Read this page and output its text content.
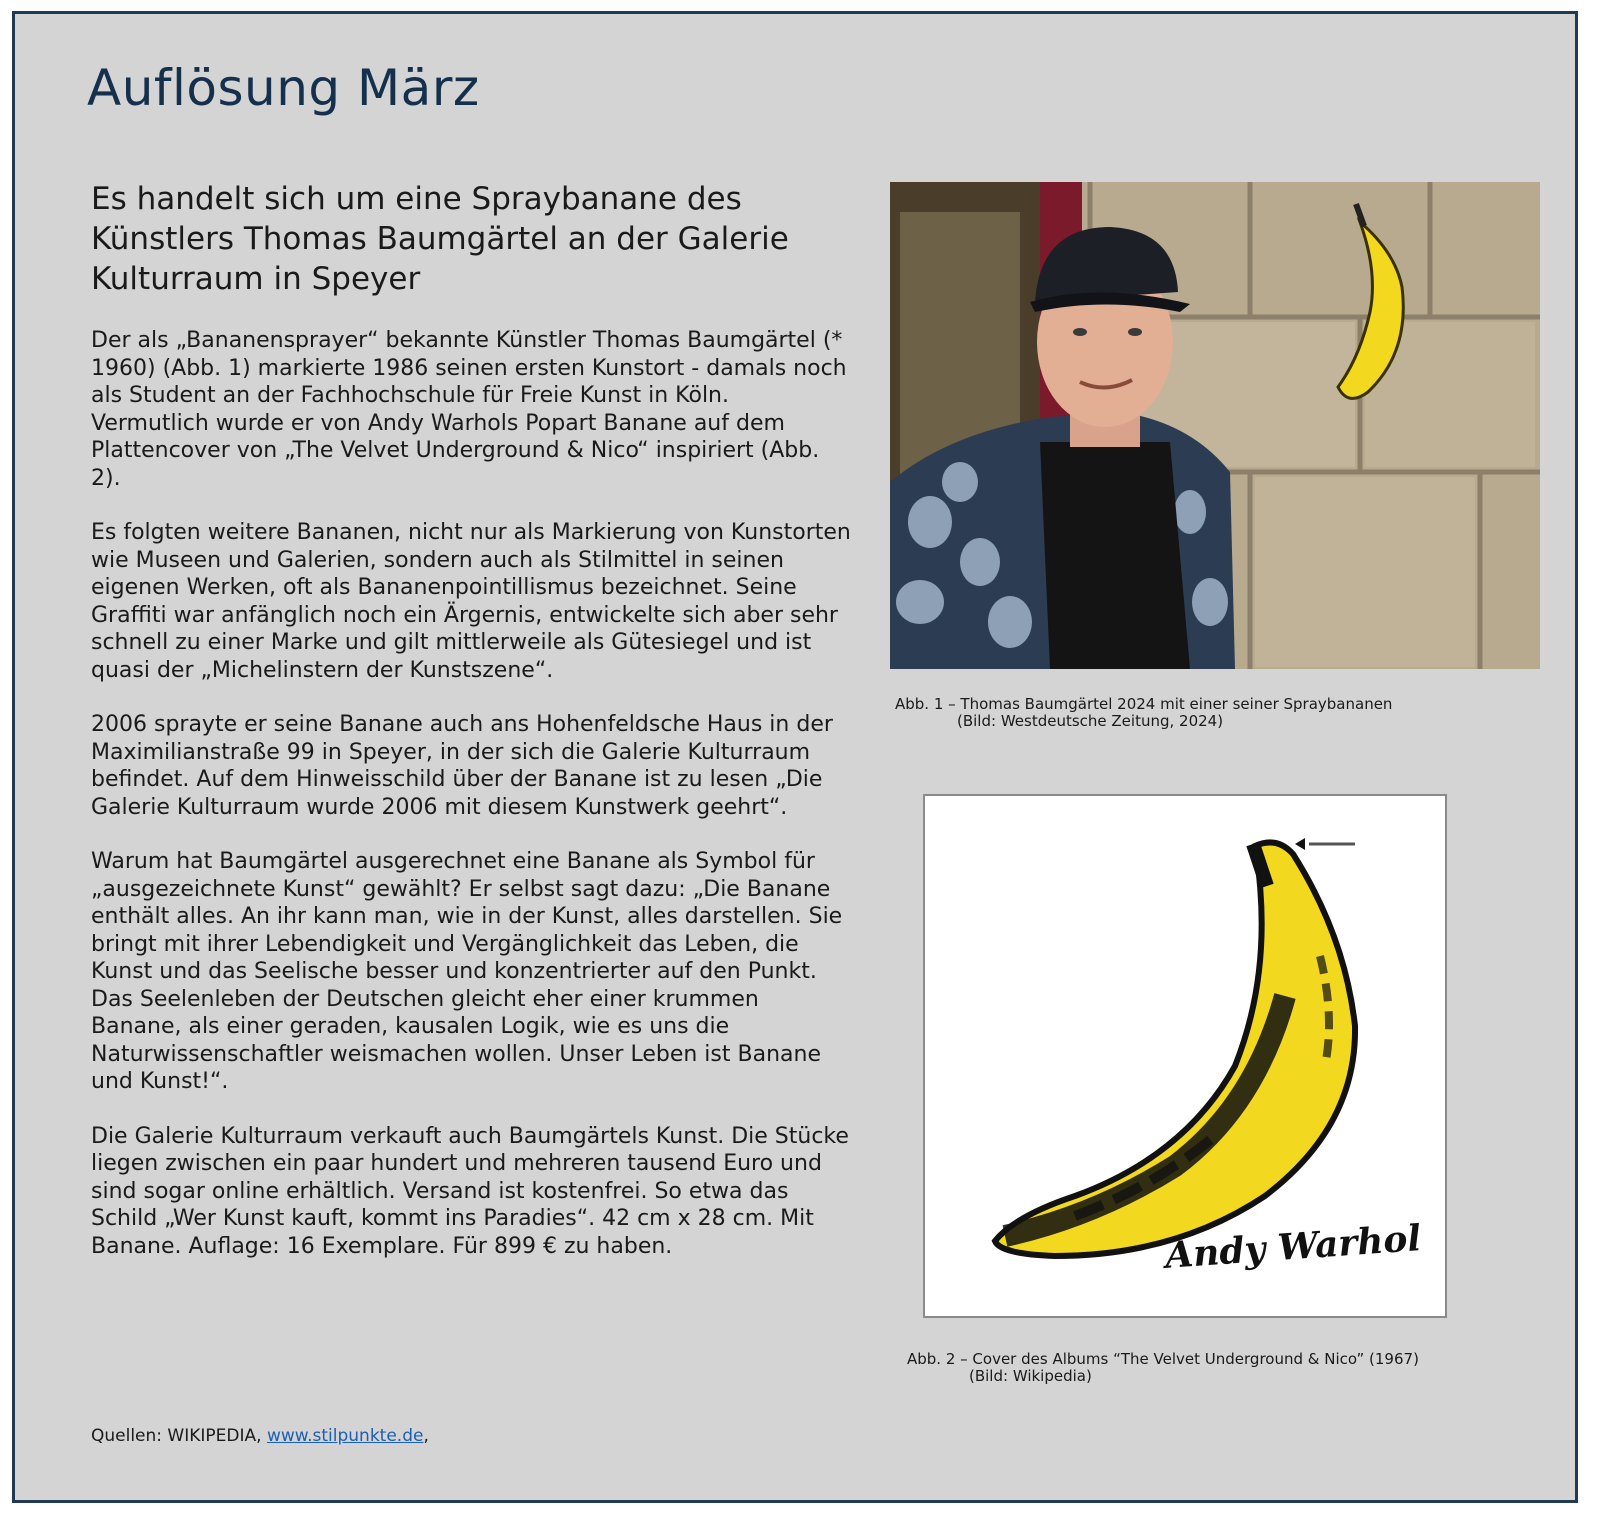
Auflösung März
Es handelt sich um eine Spraybanane des Künstlers Thomas Baumgärtel an der Galerie Kulturraum in Speyer

Der als „Bananensprayer“ bekannte Künstler Thomas Baumgärtel (* 1960) (Abb. 1) markierte 1986 seinen ersten Kunstort - damals noch als Student an der Fachhochschule für Freie Kunst in Köln. Vermutlich wurde er von Andy Warhols Popart Banane auf dem Plattencover von „The Velvet Underground & Nico“ inspiriert (Abb. 2).

Es folgten weitere Bananen, nicht nur als Markierung von Kunstorten wie Museen und Galerien, sondern auch als Stilmittel in seinen eigenen Werken, oft als Bananenpointillismus bezeichnet. Seine Graffiti war anfänglich noch ein Ärgernis, entwickelte sich aber sehr schnell zu einer Marke und gilt mittlerweile als Gütesiegel und ist quasi der „Michelinstern der Kunstszene“.

2006 sprayte er seine Banane auch ans Hohenfeldsche Haus in der Maximilianstraße 99 in Speyer, in der sich die Galerie Kulturraum befindet. Auf dem Hinweisschild über der Banane ist zu lesen „Die Galerie Kulturraum wurde 2006 mit diesem Kunstwerk geehrt“.

Warum hat Baumgärtel ausgerechnet eine Banane als Symbol für „ausgezeichnete Kunst“ gewählt? Er selbst sagt dazu: „Die Banane enthält alles. An ihr kann man, wie in der Kunst, alles darstellen. Sie bringt mit ihrer Lebendigkeit und Vergänglichkeit das Leben, die Kunst und das Seelische besser und konzentrierter auf den Punkt. Das Seelenleben der Deutschen gleicht eher einer krummen Banane, als einer geraden, kausalen Logik, wie es uns die Naturwissenschaftler weismachen wollen. Unser Leben ist Banane und Kunst!“.

Die Galerie Kulturraum verkauft auch Baumgärtels Kunst. Die Stücke liegen zwischen ein paar hundert und mehreren tausend Euro und sind sogar online erhältlich. Versand ist kostenfrei. So etwa das Schild „Wer Kunst kauft, kommt ins Paradies“. 42 cm x 28 cm. Mit Banane. Auflage: 16 Exemplare. Für 899 € zu haben.

Quellen: WIKIPEDIA, www.stilpunkte.de,
Abb. 1 – Thomas Baumgärtel 2024 mit einer seiner Spraybananen
(Bild: Westdeutsche Zeitung, 2024)
Andy Warhol
Abb. 2 – Cover des Albums “The Velvet Underground & Nico” (1967)
(Bild: Wikipedia)
